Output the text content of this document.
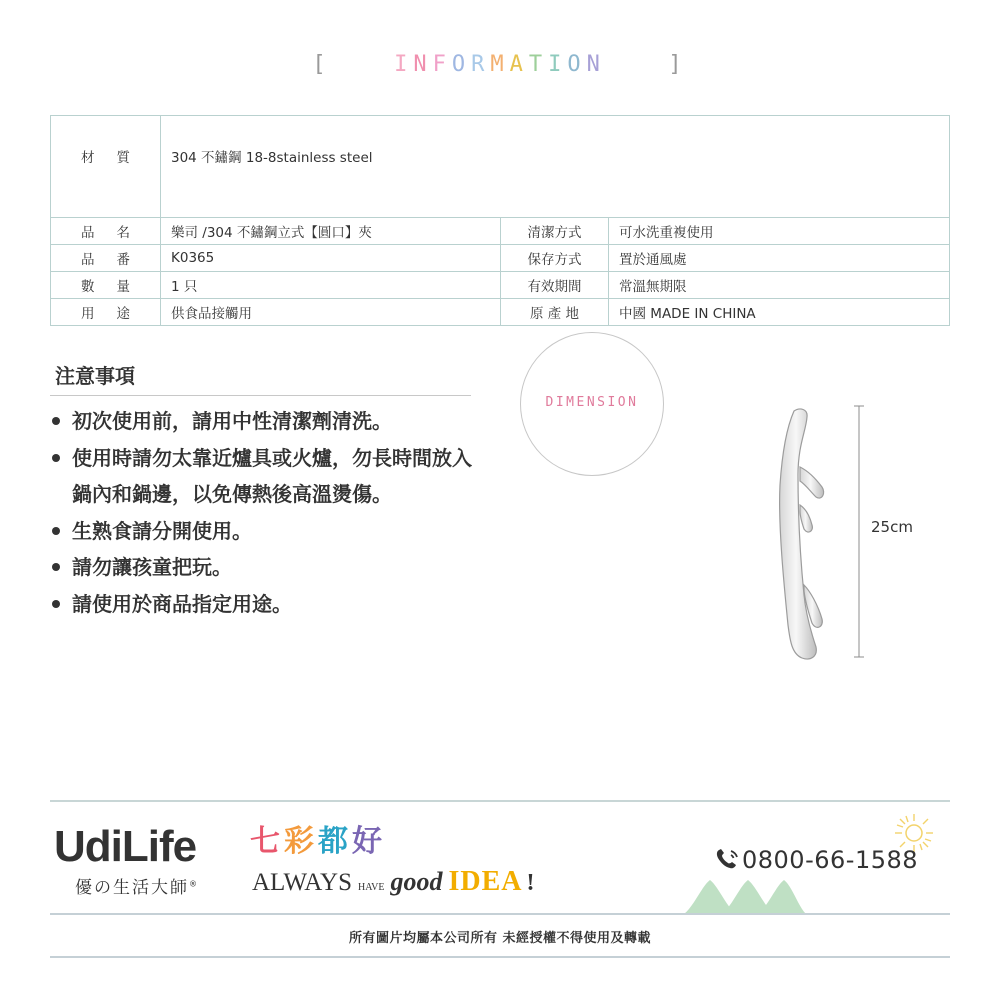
[	INFORMATION	]
材質	304 不鏽鋼 18-8stainless steel		
品名	樂司 /304 不鏽鋼立式【圓口】夾	清潔方式	可水洗重複使用
品番	K0365	保存方式	置於通風處
數量	1 只	有效期間	常溫無期限
用途	供食品接觸用	原 產 地	中國 MADE IN CHINA
注意事項
初次使用前，請用中性清潔劑清洗。
使用時請勿太靠近爐具或火爐，勿長時間放入鍋內和鍋邊，以免傳熱後高溫燙傷。
生熟食請分開使用。
請勿讓孩童把玩。
請使用於商品指定用途。
DIMENSION
25cm
UdiLife
優の生活大師®
七彩都好
ALWAYS HAVE good IDEA !
0800-66-1588
所有圖片均屬本公司所有 未經授權不得使用及轉載
